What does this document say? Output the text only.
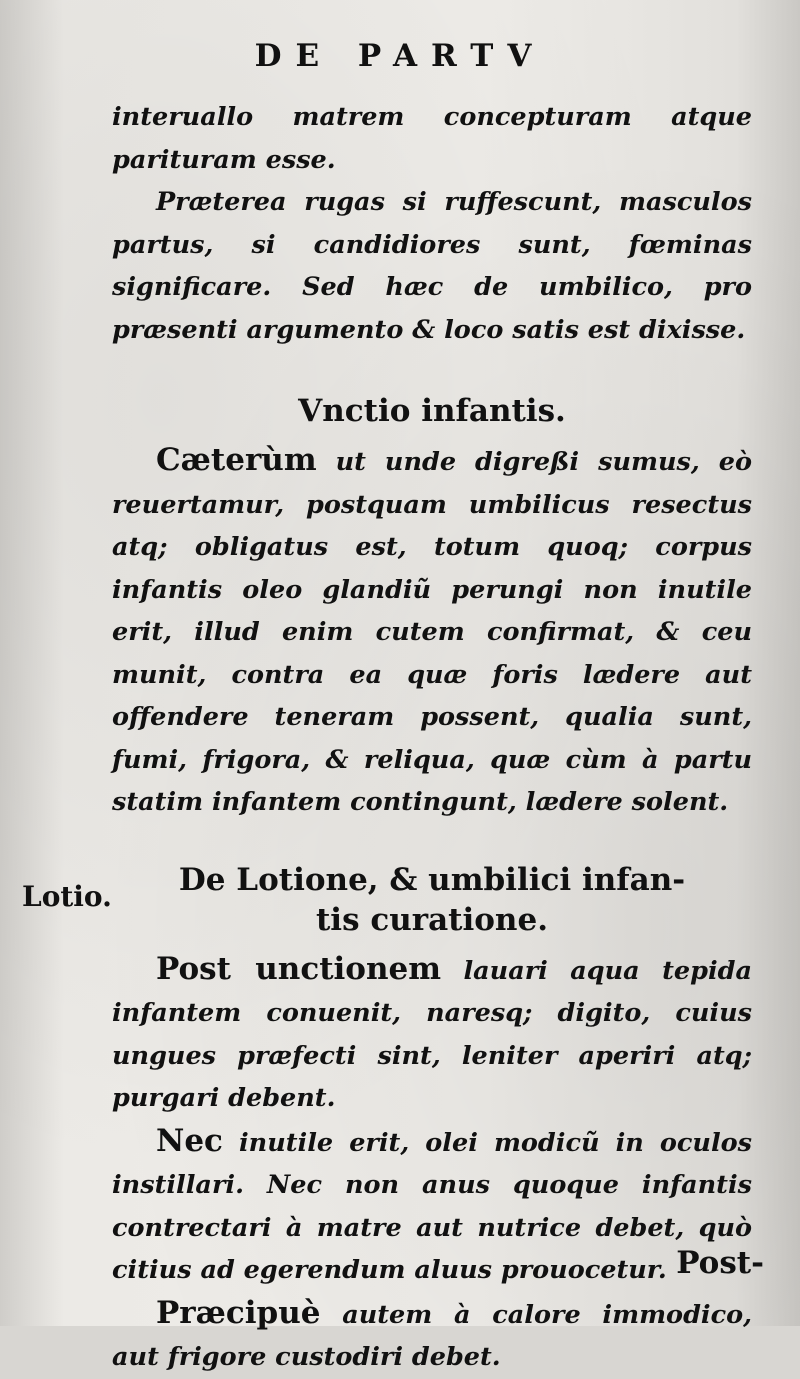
DE PARTV

interuallo matrem concepturam atque parituram esse.

Præterea rugas si ruffescunt, masculos partus, si candidiores sunt, fœminas significare. Sed hæc de umbilico, pro præsenti argumento & loco satis est dixisse.

Vnctio infantis.

Cæterùm ut unde digreßi sumus, eò reuertamur, postquam umbilicus resectus atq; obligatus est, totum quoq; corpus infantis oleo glandiũ perungi non inutile erit, illud enim cutem confirmat, & ceu munit, contra ea quæ foris lædere aut offendere teneram possent, qualia sunt, fumi, frigora, & reliqua, quæ cùm à partu statim infantem contingunt, lædere solent.

De Lotione, & umbilici infan-
tis curatione.

Post unctionem lauari aqua tepida infantem conuenit, naresq; digito, cuius ungues præfecti sint, leniter aperiri atq; purgari debent.

Nec inutile erit, olei modicũ in oculos instillari. Nec non anus quoque infantis contrectari à matre aut nutrice debet, quò citius ad egerendum aluus prouocetur.

Præcipuè autem à calore immodico, aut frigore custodiri debet.

Lotio.
Post-
